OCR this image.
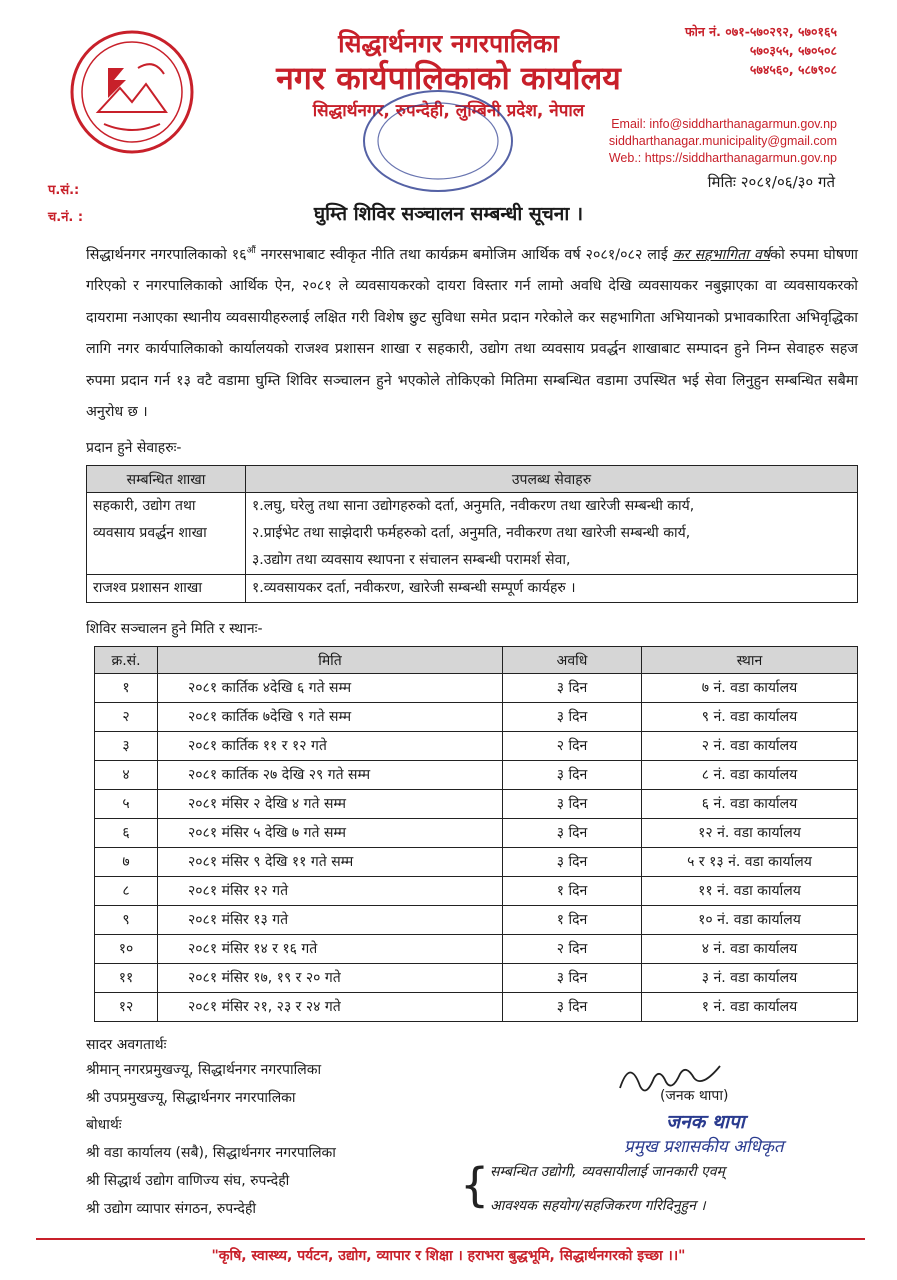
सिद्धार्थनगर नगरपालिका
नगर कार्यपालिकाको कार्यालय
सिद्धार्थनगर, रुपन्देही, लुम्बिनी प्रदेश, नेपाल
फोन नं. ०७१-५७०२९२, ५७०१६५
५७०३५५, ५७०५०८
५७४५६०, ५८७९०८
Email: info@siddharthanagarmun.gov.np
siddharthanagar.municipality@gmail.com
Web.: https://siddharthanagarmun.gov.np
प.सं.:
च.नं. :
मितिः २०८१/०६/३० गते
घुम्ति शिविर सञ्चालन सम्बन्धी सूचना ।
सिद्धार्थनगर नगरपालिकाको $१६^{औं}$ नगरसभाबाट स्वीकृत नीति तथा कार्यक्रम बमोजिम आर्थिक वर्ष २०८१/०८२ लाई कर सहभागिता वर्षको रुपमा घोषणा गरिएको र नगरपालिकाको आर्थिक ऐन, २०८१ ले व्यवसायकरको दायरा विस्तार गर्न लामो अवधि देखि व्यवसायकर नबुझाएका वा व्यवसायकरको दायरामा नआएका स्थानीय व्यवसायीहरुलाई लक्षित गरी विशेष छुट सुविधा समेत प्रदान गरेकोले कर सहभागिता अभियानको प्रभावकारिता अभिवृद्धिका लागि नगर कार्यपालिकाको कार्यालयको राजश्व प्रशासन शाखा र सहकारी, उद्योग तथा व्यवसाय प्रवर्द्धन शाखाबाट सम्पादन हुने निम्न सेवाहरु सहज रुपमा प्रदान गर्न १३ वटै वडामा घुम्ति शिविर सञ्चालन हुने भएकोले तोकिएको मितिमा सम्बन्धित वडामा उपस्थित भई सेवा लिनुहुन सम्बन्धित सबैमा अनुरोध छ ।
प्रदान हुने सेवाहरुः-
सम्बन्धित शाखा	उपलब्ध सेवाहरु
सहकारी, उद्योग तथा व्यवसाय प्रवर्द्धन शाखा	१.लघु, घरेलु तथा साना उद्योगहरुको दर्ता, अनुमति, नवीकरण तथा खारेजी सम्बन्धी कार्य,
२.प्राईभेट तथा साझेदारी फर्महरुको दर्ता, अनुमति, नवीकरण तथा खारेजी सम्बन्धी कार्य,
३.उद्योग तथा व्यवसाय स्थापना र संचालन सम्बन्धी परामर्श सेवा,

राजश्व प्रशासन शाखा	१.व्यवसायकर दर्ता, नवीकरण, खारेजी सम्बन्धी सम्पूर्ण कार्यहरु ।
शिविर सञ्चालन हुने मिति र स्थानः-
क्र.सं.	मिति	अवधि	स्थान
१	२०८१ कार्तिक ४देखि ६ गते सम्म	३ दिन	७ नं. वडा कार्यालय
२	२०८१ कार्तिक ७देखि ९ गते सम्म	३ दिन	९ नं. वडा कार्यालय
३	२०८१ कार्तिक ११ र १२ गते	२ दिन	२ नं. वडा कार्यालय
४	२०८१ कार्तिक २७ देखि २९ गते सम्म	३ दिन	८ नं. वडा कार्यालय
५	२०८१ मंसिर २ देखि ४ गते सम्म	३ दिन	६ नं. वडा कार्यालय
६	२०८१ मंसिर ५ देखि ७ गते सम्म	३ दिन	१२ नं. वडा कार्यालय
७	२०८१ मंसिर ९ देखि ११ गते सम्म	३ दिन	५ र १३ नं. वडा कार्यालय
८	२०८१ मंसिर १२ गते	१ दिन	११ नं. वडा कार्यालय
९	२०८१ मंसिर १३ गते	१ दिन	१० नं. वडा कार्यालय
१०	२०८१ मंसिर १४ र १६ गते	२ दिन	४ नं. वडा कार्यालय
११	२०८१ मंसिर १७, १९ र २० गते	३ दिन	३ नं. वडा कार्यालय
१२	२०८१ मंसिर २१, २३ र २४ गते	३ दिन	१ नं. वडा कार्यालय
सादर अवगतार्थः
श्रीमान् नगरप्रमुखज्यू, सिद्धार्थनगर नगरपालिका
श्री उपप्रमुखज्यू, सिद्धार्थनगर नगरपालिका
बोधार्थः
श्री वडा कार्यालय (सबै), सिद्धार्थनगर नगरपालिका
श्री सिद्धार्थ उद्योग वाणिज्य संघ, रुपन्देही
श्री उद्योग व्यापार संगठन, रुपन्देही
(जनक थापा)
जनक थापा
प्रमुख प्रशासकीय अधिकृत
{ सम्बन्धित उद्योगी, व्यवसायीलाई जानकारी एवम्
आवश्यक सहयोग/सहजिकरण गरिदिनुहुन ।
"कृषि, स्वास्थ्य, पर्यटन, उद्योग, व्यापार र शिक्षा । हराभरा बुद्धभूमि, सिद्धार्थनगरको इच्छा ।।"
